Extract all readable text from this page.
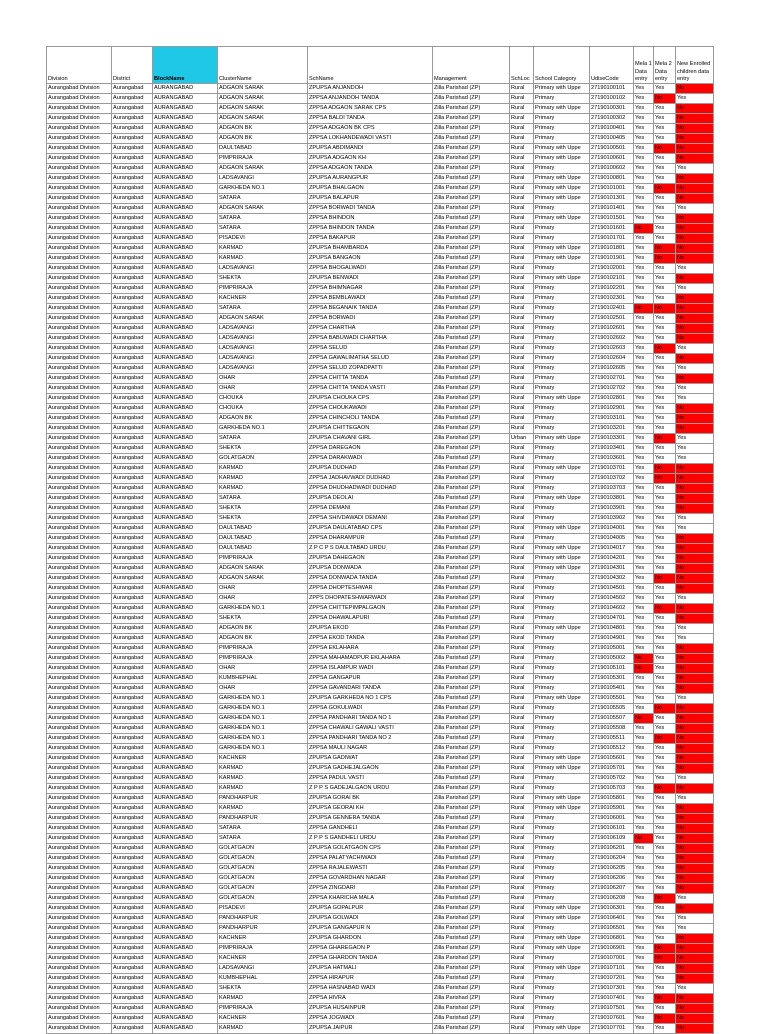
Division	District	BlockName	ClusterName	SchName	Management	SchLoc	School Category	UdiseCode	Mela 1 Data entry	Mela 2 Data entry	New Enrolled children data entry
Aurangabad Division	Aurangabad	AURANGABAD	ADGAON SARAK	ZPUPSA ANJANDOH	Zilla Parishad (ZP)	Rural	Primary with Uppe	27190100101	Yes	Yes	No
Aurangabad Division	Aurangabad	AURANGABAD	ADGAON SARAK	ZPPSA ANJANDOH TANDA	Zilla Parishad (ZP)	Rural	Primary	27190100102	Yes	No	Yes
Aurangabad Division	Aurangabad	AURANGABAD	ADGAON SARAK	ZPPSA ADGAON SARAK CPS	Zilla Parishad (ZP)	Rural	Primary with Uppe	27190100301	Yes	Yes	No
Aurangabad Division	Aurangabad	AURANGABAD	ADGAON SARAK	ZPPSA BALDI TANDA	Zilla Parishad (ZP)	Rural	Primary	27190100302	Yes	Yes	No
Aurangabad Division	Aurangabad	AURANGABAD	ADGAON BK	ZPPSA ADGAON BK CPS	Zilla Parishad (ZP)	Rural	Primary	27190100401	Yes	Yes	No
Aurangabad Division	Aurangabad	AURANGABAD	ADGAON BK	ZPPSA LOKHANDEWADI VASTI	Zilla Parishad (ZP)	Rural	Primary	27190100405	Yes	Yes	No
Aurangabad Division	Aurangabad	AURANGABAD	DAULTABAD	ZPUPSA ABDIMANDI	Zilla Parishad (ZP)	Rural	Primary with Uppe	27190100501	Yes	No	No
Aurangabad Division	Aurangabad	AURANGABAD	PIMPRIRAJA	ZPUPSA ADGAON KH	Zilla Parishad (ZP)	Rural	Primary with Uppe	27190100601	Yes	Yes	No
Aurangabad Division	Aurangabad	AURANGABAD	ADGAON SARAK	ZPPSA ADGAON TANDA	Zilla Parishad (ZP)	Rural	Primary	27190100602	Yes	Yes	Yes
Aurangabad Division	Aurangabad	AURANGABAD	LADSAVANGI	ZPUPSA AURANGPUR	Zilla Parishad (ZP)	Rural	Primary with Uppe	27190100801	Yes	Yes	No
Aurangabad Division	Aurangabad	AURANGABAD	GARKHEDA NO.1	ZPUPSA BHALGAON	Zilla Parishad (ZP)	Rural	Primary with Uppe	27190101001	Yes	No	No
Aurangabad Division	Aurangabad	AURANGABAD	SATARA	ZPUPSA BALAPUR	Zilla Parishad (ZP)	Rural	Primary with Uppe	27190101301	Yes	Yes	No
Aurangabad Division	Aurangabad	AURANGABAD	ADGAON SARAK	ZPPSA BORWADI TANDA	Zilla Parishad (ZP)	Rural	Primary	27190101401	Yes	Yes	Yes
Aurangabad Division	Aurangabad	AURANGABAD	SATARA	ZPPSA BHINDON	Zilla Parishad (ZP)	Rural	Primary with Uppe	27190101501	Yes	Yes	No
Aurangabad Division	Aurangabad	AURANGABAD	SATARA	ZPPSA BHINDON TANDA	Zilla Parishad (ZP)	Rural	Primary	27190101601	No	Yes	No
Aurangabad Division	Aurangabad	AURANGABAD	PISADEVI	ZPPSA BAKAPUR	Zilla Parishad (ZP)	Rural	Primary	27190101701	Yes	Yes	No
Aurangabad Division	Aurangabad	AURANGABAD	KARMAD	ZPUPSA BHAMBARDA	Zilla Parishad (ZP)	Rural	Primary with Uppe	27190101801	Yes	No	No
Aurangabad Division	Aurangabad	AURANGABAD	KARMAD	ZPUPSA BANGAON	Zilla Parishad (ZP)	Rural	Primary with Uppe	27190101901	Yes	No	No
Aurangabad Division	Aurangabad	AURANGABAD	LADSAVANGI	ZPPSA BHOGALWADI	Zilla Parishad (ZP)	Rural	Primary	27190102001	Yes	Yes	Yes
Aurangabad Division	Aurangabad	AURANGABAD	SHEKTA	ZPUPSA BENWADI	Zilla Parishad (ZP)	Rural	Primary with Uppe	27190102101	Yes	Yes	No
Aurangabad Division	Aurangabad	AURANGABAD	PIMPRIRAJA	ZPPSA BHIMNAGAR	Zilla Parishad (ZP)	Rural	Primary	27190102201	Yes	Yes	Yes
Aurangabad Division	Aurangabad	AURANGABAD	KACHNER	ZPPSA BEMBLAWADI	Zilla Parishad (ZP)	Rural	Primary	27190102301	Yes	Yes	No
Aurangabad Division	Aurangabad	AURANGABAD	SATARA	ZPPSA BEGANAIK TANDA	Zilla Parishad (ZP)	Rural	Primary	27190102401	No	No	No
Aurangabad Division	Aurangabad	AURANGABAD	ADGAON SARAK	ZPPSA BORWADI	Zilla Parishad (ZP)	Rural	Primary	27190102501	Yes	Yes	No
Aurangabad Division	Aurangabad	AURANGABAD	LADSAVANGI	ZPPSA CHARTHA	Zilla Parishad (ZP)	Rural	Primary	27190102601	Yes	Yes	No
Aurangabad Division	Aurangabad	AURANGABAD	LADSAVANGI	ZPPSA BABUWADI CHARTHA	Zilla Parishad (ZP)	Rural	Primary	27190102602	Yes	Yes	No
Aurangabad Division	Aurangabad	AURANGABAD	LADSAVANGI	ZPPSA SELUD	Zilla Parishad (ZP)	Rural	Primary	27190102603	Yes	No	Yes
Aurangabad Division	Aurangabad	AURANGABAD	LADSAVANGI	ZPPSA GAWALIMATHA SELUD	Zilla Parishad (ZP)	Rural	Primary	27190102604	Yes	Yes	No
Aurangabad Division	Aurangabad	AURANGABAD	LADSAVANGI	ZPPSA SELUD ZOPADPATTI	Zilla Parishad (ZP)	Rural	Primary	27190102605	Yes	Yes	Yes
Aurangabad Division	Aurangabad	AURANGABAD	OHAR	ZPPSA CHITTA TANDA	Zilla Parishad (ZP)	Rural	Primary	27190102701	Yes	Yes	No
Aurangabad Division	Aurangabad	AURANGABAD	OHAR	ZPPSA CHITTA TANDA VASTI	Zilla Parishad (ZP)	Rural	Primary	27190102702	Yes	Yes	Yes
Aurangabad Division	Aurangabad	AURANGABAD	CHOUKA	ZPUPSA CHOUKA CPS	Zilla Parishad (ZP)	Rural	Primary with Uppe	27190102801	Yes	Yes	Yes
Aurangabad Division	Aurangabad	AURANGABAD	CHOUKA	ZPPSA CHOUKAWADI	Zilla Parishad (ZP)	Rural	Primary	27190102901	Yes	Yes	No
Aurangabad Division	Aurangabad	AURANGABAD	ADGAON BK	ZPPSA CHINCHOLI TANDA	Zilla Parishad (ZP)	Rural	Primary	27190103101	Yes	Yes	No
Aurangabad Division	Aurangabad	AURANGABAD	GARKHEDA NO.1	ZPUPSA CHITTEGAON	Zilla Parishad (ZP)	Rural	Primary	27190103201	Yes	Yes	No
Aurangabad Division	Aurangabad	AURANGABAD	SATARA	ZPUPSA CHAVANI GIRL	Zilla Parishad (ZP)	Urban	Primary with Uppe	27190103301	Yes	No	Yes
Aurangabad Division	Aurangabad	AURANGABAD	SHEKTA	ZPPSA DAREGAON	Zilla Parishad (ZP)	Rural	Primary	27190103401	Yes	Yes	Yes
Aurangabad Division	Aurangabad	AURANGABAD	GOLATGAON	ZPPSA DARAKWADI	Zilla Parishad (ZP)	Rural	Primary	27190103601	Yes	Yes	Yes
Aurangabad Division	Aurangabad	AURANGABAD	KARMAD	ZPUPSA DUDHAD	Zilla Parishad (ZP)	Rural	Primary with Uppe	27190103701	Yes	No	No
Aurangabad Division	Aurangabad	AURANGABAD	KARMAD	ZPPSA JADHAVWADI DUDHAD	Zilla Parishad (ZP)	Rural	Primary	27190103702	Yes	No	No
Aurangabad Division	Aurangabad	AURANGABAD	KARMAD	ZPPSA DHUDHADWADI DUDHAD	Zilla Parishad (ZP)	Rural	Primary	27190103703	Yes	Yes	No
Aurangabad Division	Aurangabad	AURANGABAD	SATARA	ZPUPSA DEOLAI	Zilla Parishad (ZP)	Rural	Primary with Uppe	27190103801	Yes	Yes	No
Aurangabad Division	Aurangabad	AURANGABAD	SHEKTA	ZPPSA DEMANI	Zilla Parishad (ZP)	Rural	Primary	27190103901	Yes	Yes	No
Aurangabad Division	Aurangabad	AURANGABAD	SHEKTA	ZPPSA SHIVDAWADI DEMANI	Zilla Parishad (ZP)	Rural	Primary	27190103902	Yes	Yes	Yes
Aurangabad Division	Aurangabad	AURANGABAD	DAULTABAD	ZPUPSA DAULATABAD CPS	Zilla Parishad (ZP)	Rural	Primary with Uppe	27190104001	Yes	Yes	Yes
Aurangabad Division	Aurangabad	AURANGABAD	DAULTABAD	ZPPSA DHARAMPUR	Zilla Parishad (ZP)	Rural	Primary	27190104005	Yes	Yes	No
Aurangabad Division	Aurangabad	AURANGABAD	DAULTABAD	Z P C P S DAULTABAD URDU	Zilla Parishad (ZP)	Rural	Primary with Uppe	27190104017	Yes	Yes	No
Aurangabad Division	Aurangabad	AURANGABAD	PIMPRIRAJA	ZPUPSA DAHEGAON	Zilla Parishad (ZP)	Rural	Primary with Uppe	27190104201	Yes	Yes	No
Aurangabad Division	Aurangabad	AURANGABAD	ADGAON SARAK	ZPUPSA DONWADA	Zilla Parishad (ZP)	Rural	Primary with Uppe	27190104301	Yes	Yes	No
Aurangabad Division	Aurangabad	AURANGABAD	ADGAON SARAK	ZPPSA DONWADA TANDA	Zilla Parishad (ZP)	Rural	Primary	27190104302	Yes	No	No
Aurangabad Division	Aurangabad	AURANGABAD	OHAR	ZPPSA DHOPTESHWAR	Zilla Parishad (ZP)	Rural	Primary	27190104501	Yes	Yes	No
Aurangabad Division	Aurangabad	AURANGABAD	OHAR	ZPPS DHOPATESHWARWADI	Zilla Parishad (ZP)	Rural	Primary	27190104502	Yes	Yes	Yes
Aurangabad Division	Aurangabad	AURANGABAD	GARKHEDA NO.1	ZPPSA CHITTEPIMPALGAON	Zilla Parishad (ZP)	Rural	Primary	27190104602	Yes	No	No
Aurangabad Division	Aurangabad	AURANGABAD	SHEKTA	ZPPSA DHAWALAPURI	Zilla Parishad (ZP)	Rural	Primary	27190104701	Yes	Yes	No
Aurangabad Division	Aurangabad	AURANGABAD	ADGAON BK	ZPUPSA EKOD	Zilla Parishad (ZP)	Rural	Primary with Uppe	27190104801	Yes	Yes	Yes
Aurangabad Division	Aurangabad	AURANGABAD	ADGAON BK	ZPPSA EKOD TANDA	Zilla Parishad (ZP)	Rural	Primary	27190104901	Yes	Yes	Yes
Aurangabad Division	Aurangabad	AURANGABAD	PIMPRIRAJA	ZPPSA EKLAHARA	Zilla Parishad (ZP)	Rural	Primary	27190105001	Yes	Yes	No
Aurangabad Division	Aurangabad	AURANGABAD	PIMPRIRAJA	ZPPSA MAHAMADPUR EKLAHARA	Zilla Parishad (ZP)	Rural	Primary	27190105002	No	Yes	No
Aurangabad Division	Aurangabad	AURANGABAD	OHAR	ZPPSA ISLAMPUR WADI	Zilla Parishad (ZP)	Rural	Primary	27190105101	No	Yes	No
Aurangabad Division	Aurangabad	AURANGABAD	KUMBHEPHAL	ZPPSA GANGAPUR	Zilla Parishad (ZP)	Rural	Primary	27190105301	Yes	Yes	No
Aurangabad Division	Aurangabad	AURANGABAD	OHAR	ZPPSA GAVANDARI TANDA	Zilla Parishad (ZP)	Rural	Primary	27190105401	Yes	Yes	No
Aurangabad Division	Aurangabad	AURANGABAD	GARKHEDA NO.1	ZPUPSA GARKHEDA NO 1 CPS	Zilla Parishad (ZP)	Rural	Primary with Uppe	27190105501	Yes	Yes	Yes
Aurangabad Division	Aurangabad	AURANGABAD	GARKHEDA NO.1	ZPPSA GOKULWADI	Zilla Parishad (ZP)	Rural	Primary	27190105505	Yes	No	No
Aurangabad Division	Aurangabad	AURANGABAD	GARKHEDA NO.1	ZPPSA PANDHARI TANDA NO 1	Zilla Parishad (ZP)	Rural	Primary	27190105507	No	Yes	No
Aurangabad Division	Aurangabad	AURANGABAD	GARKHEDA NO.1	ZPPSA CHAWALI GAWALI VASTI	Zilla Parishad (ZP)	Rural	Primary	27190105508	Yes	Yes	No
Aurangabad Division	Aurangabad	AURANGABAD	GARKHEDA NO.1	ZPPSA PANDHARI TANDA NO 2	Zilla Parishad (ZP)	Rural	Primary	27190105511	Yes	No	No
Aurangabad Division	Aurangabad	AURANGABAD	GARKHEDA NO.1	ZPPSA MAULI NAGAR	Zilla Parishad (ZP)	Rural	Primary	27190105512	Yes	Yes	No
Aurangabad Division	Aurangabad	AURANGABAD	KACHNER	ZPUPSA GADIWAT	Zilla Parishad (ZP)	Rural	Primary with Uppe	27190105601	Yes	Yes	No
Aurangabad Division	Aurangabad	AURANGABAD	KARMAD	ZPUPSA GADHEJALGAON	Zilla Parishad (ZP)	Rural	Primary with Uppe	27190105701	Yes	Yes	No
Aurangabad Division	Aurangabad	AURANGABAD	KARMAD	ZPPSA PADUL VASTI	Zilla Parishad (ZP)	Rural	Primary	27190105702	Yes	Yes	Yes
Aurangabad Division	Aurangabad	AURANGABAD	KARMAD	Z P P S GADEJALGAON URDU	Zilla Parishad (ZP)	Rural	Primary	27190105703	Yes	No	No
Aurangabad Division	Aurangabad	AURANGABAD	PANDHARPUR	ZPUPSA GORAI BK	Zilla Parishad (ZP)	Rural	Primary with Uppe	27190105801	Yes	Yes	Yes
Aurangabad Division	Aurangabad	AURANGABAD	KARMAD	ZPUPSA GEORAI KH	Zilla Parishad (ZP)	Rural	Primary with Uppe	27190105901	Yes	Yes	No
Aurangabad Division	Aurangabad	AURANGABAD	PANDHARPUR	ZPUPSA GENNERA TANDA	Zilla Parishad (ZP)	Rural	Primary	27190106001	Yes	Yes	No
Aurangabad Division	Aurangabad	AURANGABAD	SATARA	ZPPSA GANDHELI	Zilla Parishad (ZP)	Rural	Primary	27190106101	Yes	Yes	No
Aurangabad Division	Aurangabad	AURANGABAD	SATARA	Z P P S GANDHELI URDU	Zilla Parishad (ZP)	Rural	Primary	27190106109	No	Yes	No
Aurangabad Division	Aurangabad	AURANGABAD	GOLATGAON	ZPUPSA GOLATGAON CPS	Zilla Parishad (ZP)	Rural	Primary	27190106201	Yes	Yes	No
Aurangabad Division	Aurangabad	AURANGABAD	GOLATGAON	ZPPSA PALATYACHIWADI	Zilla Parishad (ZP)	Rural	Primary	27190106204	Yes	Yes	No
Aurangabad Division	Aurangabad	AURANGABAD	GOLATGAON	ZPPSA RAJALEWASTI	Zilla Parishad (ZP)	Rural	Primary	27190106205	Yes	Yes	No
Aurangabad Division	Aurangabad	AURANGABAD	GOLATGAON	ZPPSA GOVARDHAN NAGAR	Zilla Parishad (ZP)	Rural	Primary	27190106206	Yes	Yes	No
Aurangabad Division	Aurangabad	AURANGABAD	GOLATGAON	ZPPSA ZINGDARI	Zilla Parishad (ZP)	Rural	Primary	27190106207	Yes	Yes	No
Aurangabad Division	Aurangabad	AURANGABAD	GOLATGAON	ZPPSA KHARICHA MALA	Zilla Parishad (ZP)	Rural	Primary	27190106208	Yes	No	Yes
Aurangabad Division	Aurangabad	AURANGABAD	PISADEVI	ZPUPSA GOPALPUR	Zilla Parishad (ZP)	Rural	Primary with Uppe	27190106301	Yes	Yes	No
Aurangabad Division	Aurangabad	AURANGABAD	PANDHARPUR	ZPUPSA GOLWADI	Zilla Parishad (ZP)	Rural	Primary with Uppe	27190106401	Yes	Yes	Yes
Aurangabad Division	Aurangabad	AURANGABAD	PANDHARPUR	ZPUPSA GANGAPUR N	Zilla Parishad (ZP)	Rural	Primary	27190106501	Yes	Yes	Yes
Aurangabad Division	Aurangabad	AURANGABAD	KACHNER	ZPUPSA GHARDON	Zilla Parishad (ZP)	Rural	Primary with Uppe	27190106801	Yes	Yes	No
Aurangabad Division	Aurangabad	AURANGABAD	PIMPRIRAJA	ZPPSA GHAREGAON P	Zilla Parishad (ZP)	Rural	Primary with Uppe	27190106901	Yes	No	No
Aurangabad Division	Aurangabad	AURANGABAD	KACHNER	ZPPSA GHARDON TANDA	Zilla Parishad (ZP)	Rural	Primary	27190107001	Yes	No	No
Aurangabad Division	Aurangabad	AURANGABAD	LADSAVANGI	ZPUPSA HATMALI	Zilla Parishad (ZP)	Rural	Primary with Uppe	27190107101	Yes	Yes	No
Aurangabad Division	Aurangabad	AURANGABAD	KUMBHEPHAL	ZPPSA HIRAPUR	Zilla Parishad (ZP)	Rural	Primary	27190107201	Yes	Yes	No
Aurangabad Division	Aurangabad	AURANGABAD	SHEKTA	ZPPSA HASNABAD WADI	Zilla Parishad (ZP)	Rural	Primary	27190107301	Yes	Yes	Yes
Aurangabad Division	Aurangabad	AURANGABAD	KARMAD	ZPPSA HIVRA	Zilla Parishad (ZP)	Rural	Primary	27190107401	Yes	No	No
Aurangabad Division	Aurangabad	AURANGABAD	PIMPRIRAJA	ZPUPSA HUSAINPUR	Zilla Parishad (ZP)	Rural	Primary	27190107501	Yes	Yes	No
Aurangabad Division	Aurangabad	AURANGABAD	KACHNER	ZPPSA JOGWADI	Zilla Parishad (ZP)	Rural	Primary	27190107601	Yes	No	No
Aurangabad Division	Aurangabad	AURANGABAD	KARMAD	ZPUPSA JAIPUR	Zilla Parishad (ZP)	Rural	Primary with Uppe	27190107701	Yes	Yes	No
